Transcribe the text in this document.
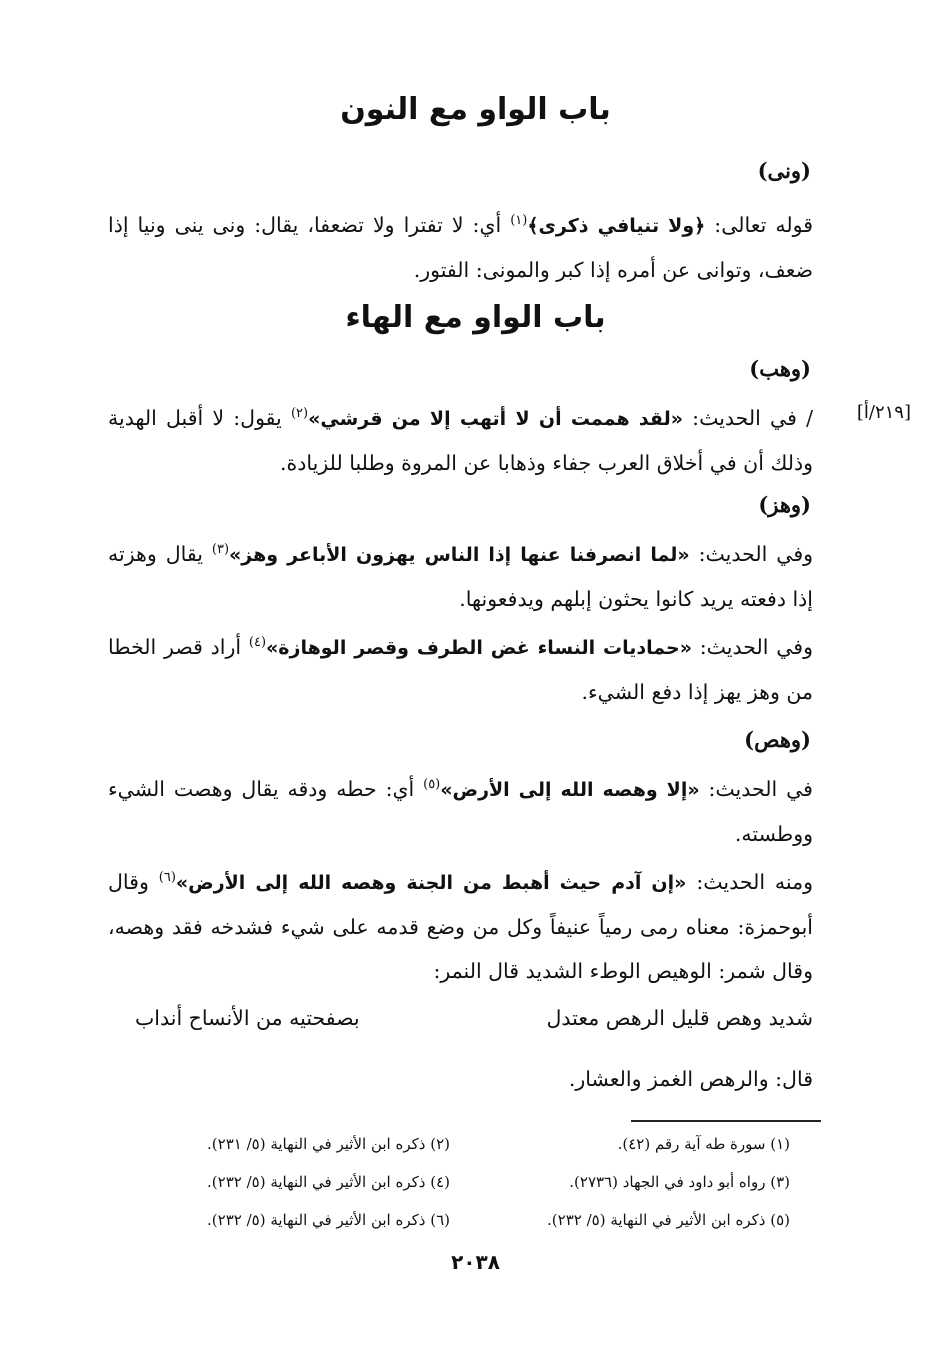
باب الواو مع النون
(ونى)
قوله تعالى: ﴿ولا تنيافي ذكرى﴾$^{(١)}$ أي: لا تفترا ولا تضعفا، يقال: ونى ينى ونيا إذا ضعف، وتوانى عن أمره إذا كبر والمونى: الفتور.
باب الواو مع الهاء
(وهب)
[٢١٩/أ]
/ في الحديث: «لقد هممت أن لا أتهب إلا من قرشي»$^{(٢)}$ يقول: لا أقبل الهدية وذلك أن في أخلاق العرب جفاء وذهابا عن المروة وطلبا للزيادة.
(وهز)
وفي الحديث: «لما انصرفنا عنها إذا الناس يهزون الأباعر وهز»$^{(٣)}$ يقال وهزته إذا دفعته يريد كانوا يحثون إبلهم ويدفعونها.
وفي الحديث: «حماديات النساء غض الطرف وقصر الوهازة»$^{(٤)}$ أراد قصر الخطا من وهز يهز إذا دفع الشيء.
(وهص)
في الحديث: «إلا وهصه الله إلى الأرض»$^{(٥)}$ أي: حطه ودقه يقال وهصت الشيء ووطسته.
ومنه الحديث: «إن آدم حيث أهبط من الجنة وهصه الله إلى الأرض»$^{(٦)}$ وقال أبوحمزة: معناه رمى رمياً عنيفاً وكل من وضع قدمه على شيء فشدخه فقد وهصه، وقال شمر: الوهيص الوطء الشديد قال النمر:
شديد وهص قليل الرهص معتدل
بصفحتيه من الأنساح أنداب
قال: والرهص الغمز والعشار.
(١) سورة طه آية رقم (٤٢).
(٢) ذكره ابن الأثير في النهاية (٥/ ٢٣١).
(٣) رواه أبو داود في الجهاد (٢٧٣٦).
(٤) ذكره ابن الأثير في النهاية (٥/ ٢٣٢).
(٥) ذكره ابن الأثير في النهاية (٥/ ٢٣٢).
(٦) ذكره ابن الأثير في النهاية (٥/ ٢٣٢).
٢٠٣٨
